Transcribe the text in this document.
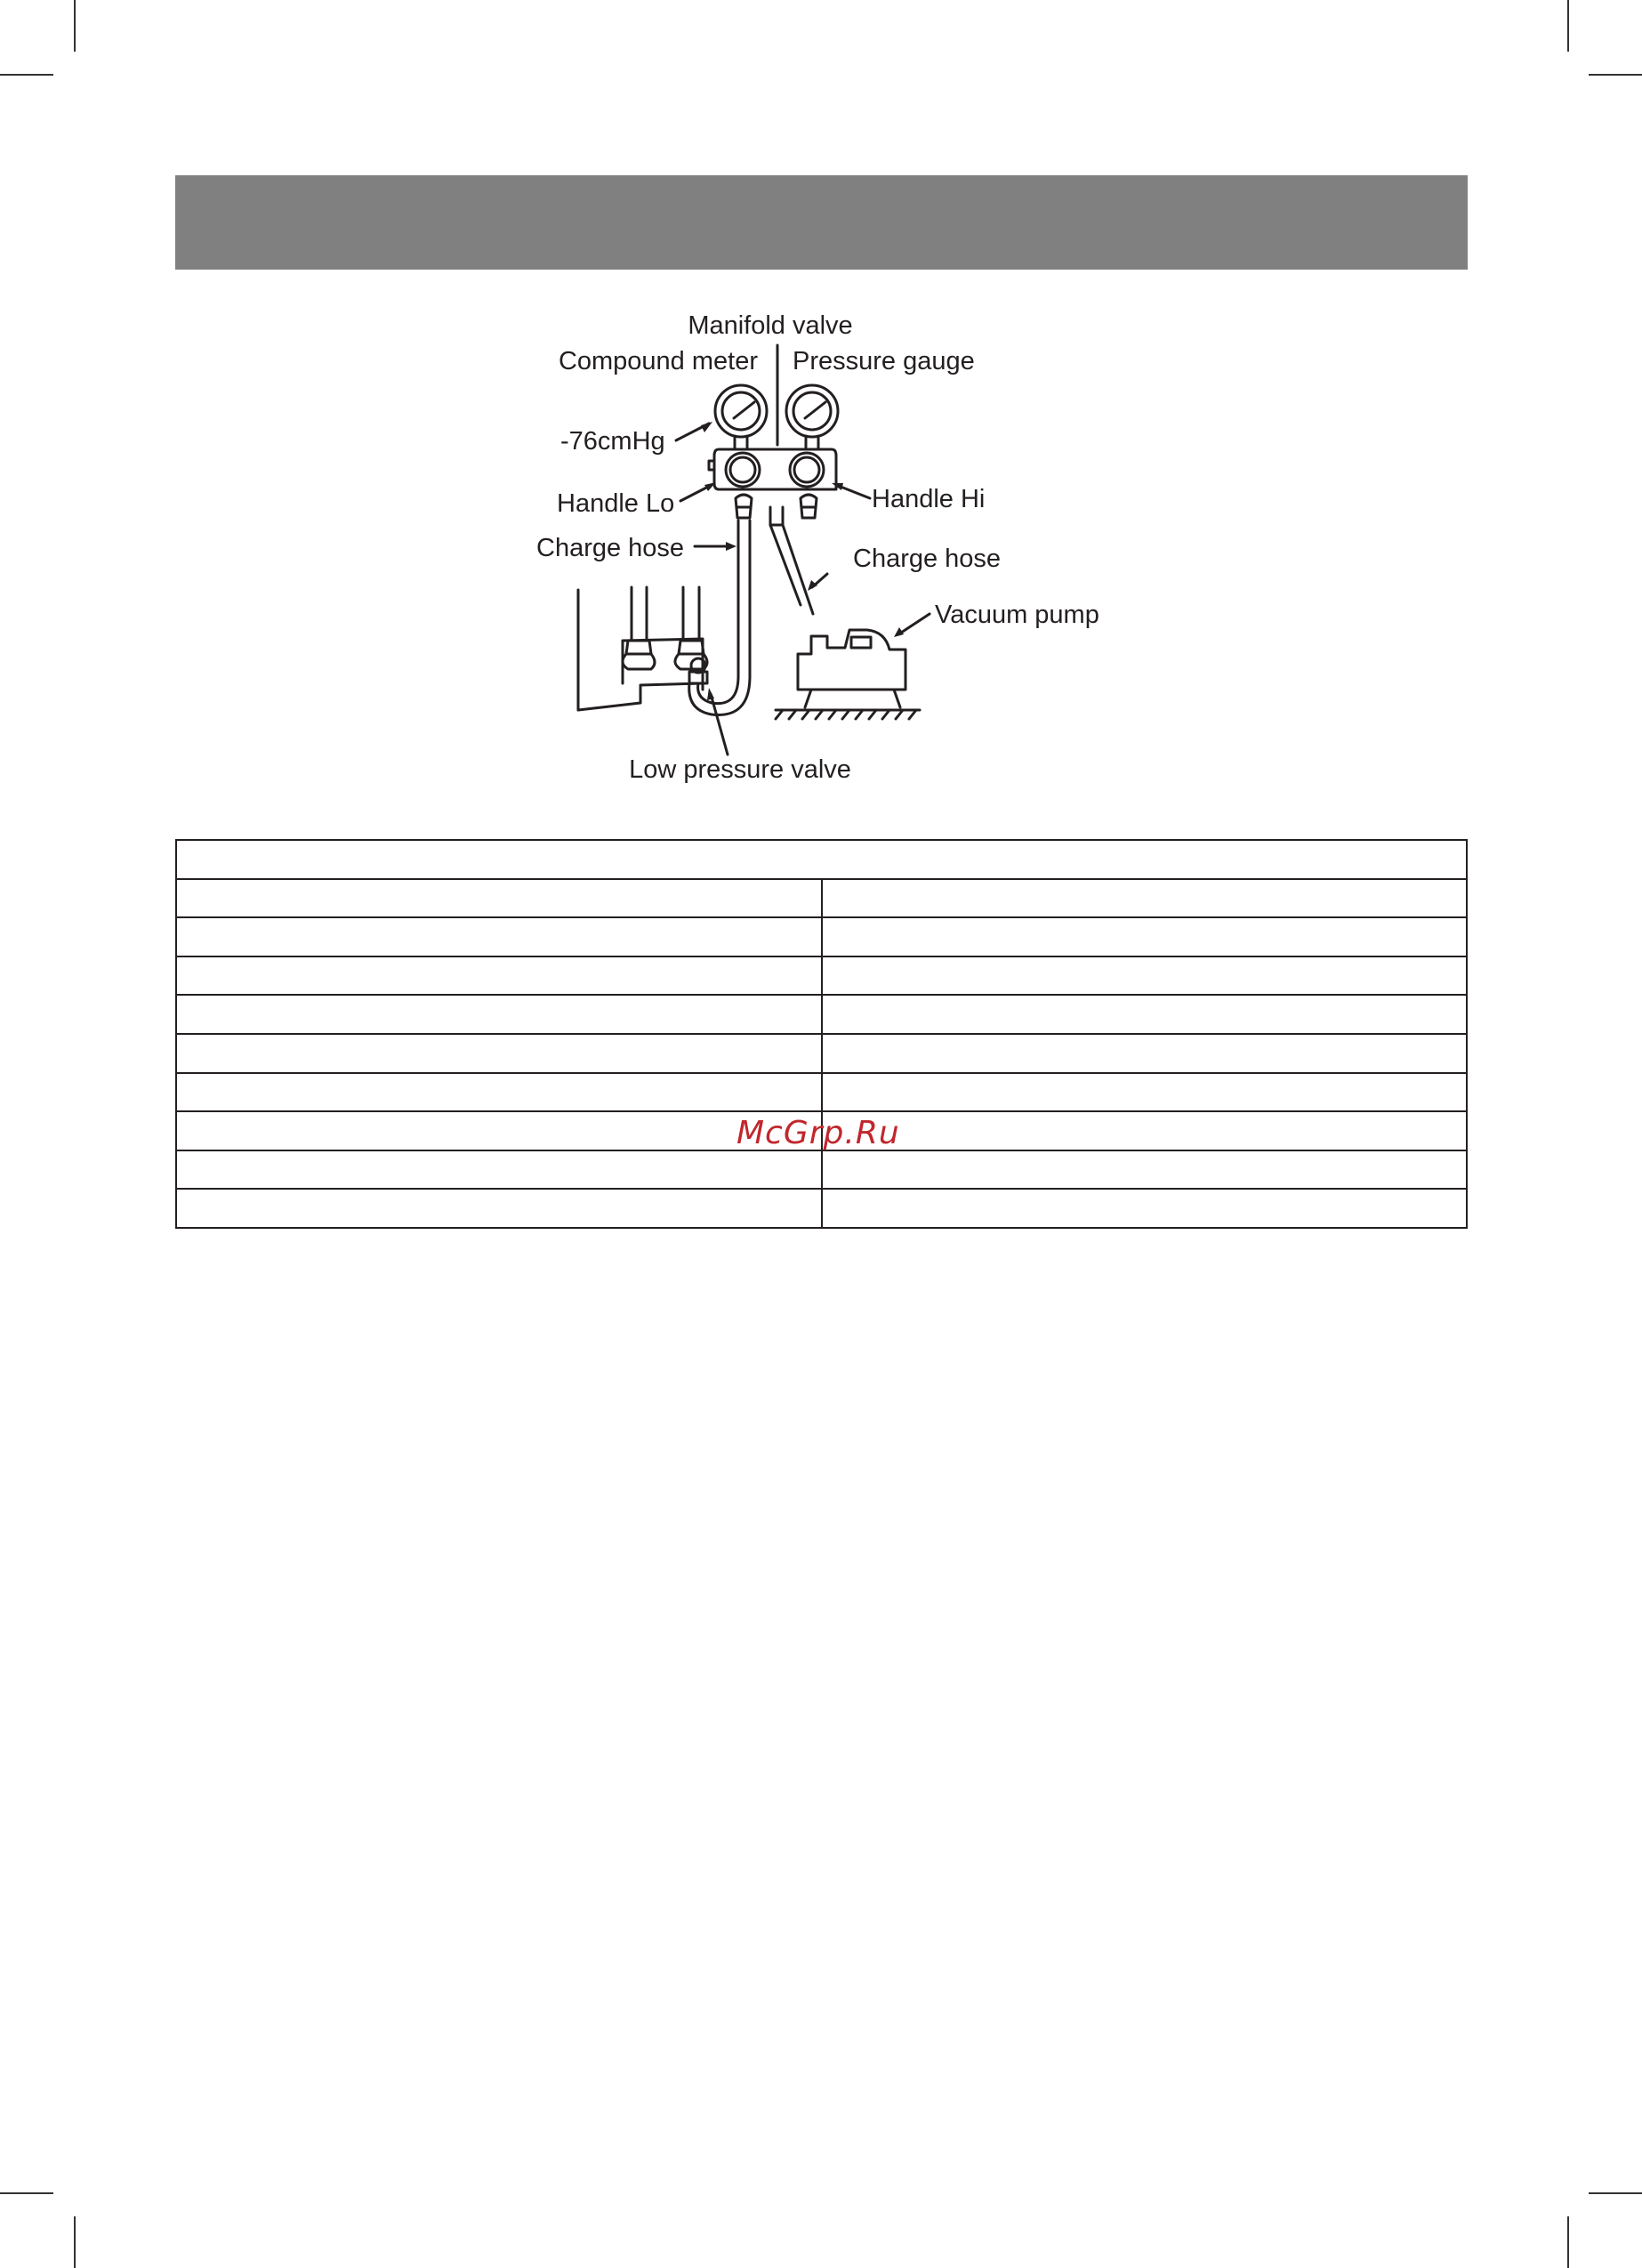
Manifold valve
Compound meter Pressure gauge
-76cmHg
Handle Lo	Handle Hi
Charge hose	Charge hose
Vacuum pump
Low pressure valve

McGrp.Ru
